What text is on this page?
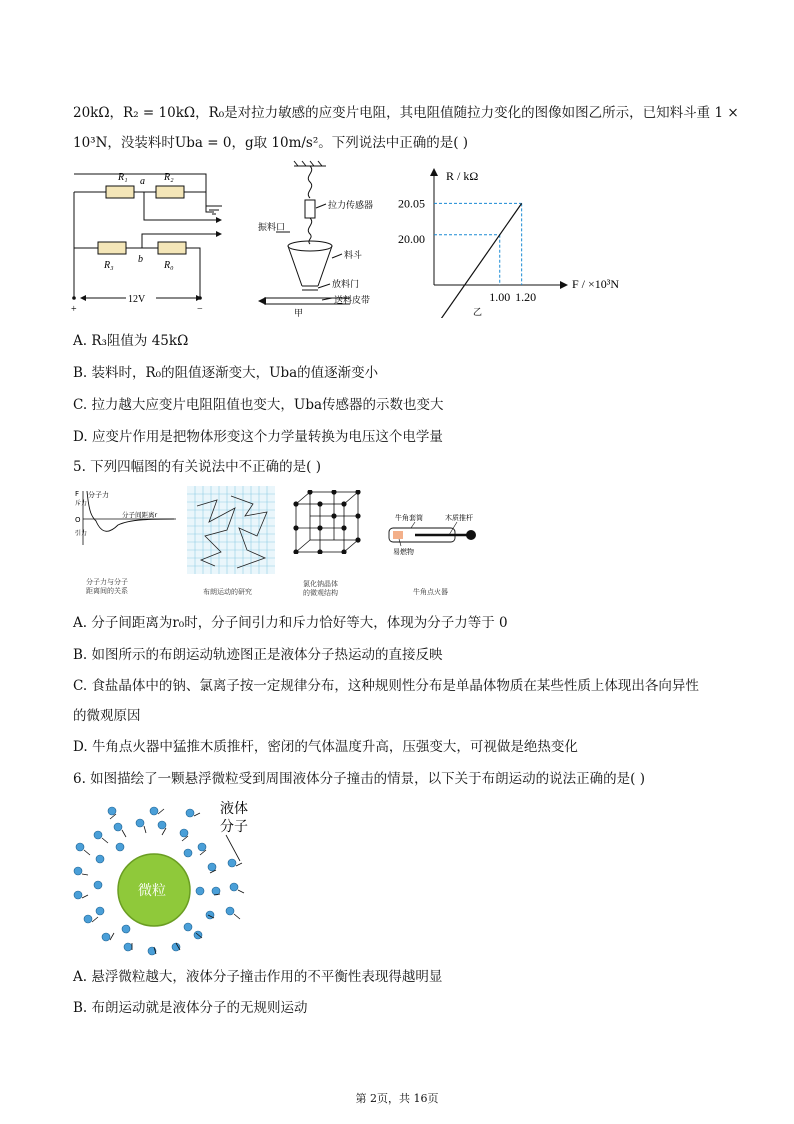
20kΩ，R₂ = 10kΩ，R₀是对拉力敏感的应变片电阻，其电阻值随拉力变化的图像如图乙所示，已知料斗重 1 ×
10³N，没装料时Uba = 0，g取 10m/s²。下列说法中正确的是( )
R₁	R₂
a
R₃	R₀
b
12V
+	−
拉力传感器
振料口
料斗
放料门
送料皮带
甲
R / kΩ
F / ×10³N
20.05
20.00
1.00 1.20
乙
A. R₃阻值为 45kΩ
B. 装料时，R₀的阻值逐渐变大，Uba的值逐渐变小
C. 拉力越大应变片电阻阻值也变大，Uba传感器的示数也变大
D. 应变片作用是把物体形变这个力学量转换为电压这个电学量
5. 下列四幅图的有关说法中不正确的是( )
F 分子力
斥力
O
引力
分子间距离r
分子力与分子
距离间的关系	布朗运动的研究
氯化钠晶体
的微观结构
牛角套筒	木质推杆
易燃物
牛角点火器
A. 分子间距离为r₀时，分子间引力和斥力恰好等大，体现为分子力等于 0
B. 如图所示的布朗运动轨迹图正是液体分子热运动的直接反映
C. 食盐晶体中的钠、氯离子按一定规律分布，这种规则性分布是单晶体物质在某些性质上体现出各向异性
的微观原因
D. 牛角点火器中猛推木质推杆，密闭的气体温度升高，压强变大，可视做是绝热变化
6. 如图描绘了一颗悬浮微粒受到周围液体分子撞击的情景，以下关于布朗运动的说法正确的是( )
微粒
液体
分子
A. 悬浮微粒越大，液体分子撞击作用的不平衡性表现得越明显
B. 布朗运动就是液体分子的无规则运动
第 2页，共 16页
